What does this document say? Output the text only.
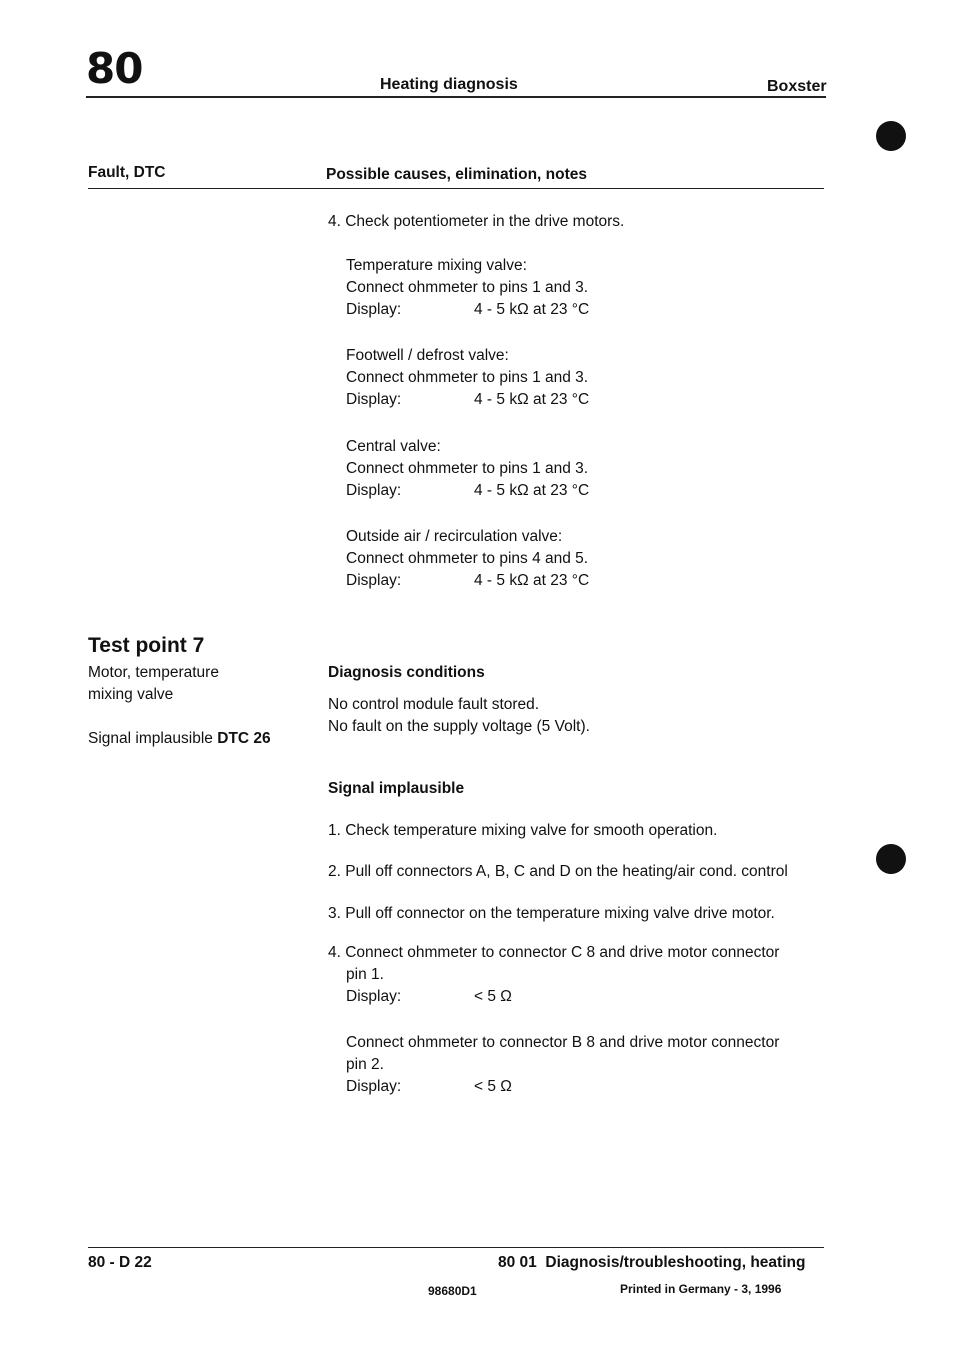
80	Heating diagnosis	Boxster
Fault, DTC	Possible causes, elimination, notes
4. Check potentiometer in the drive motors.
Temperature mixing valve:
Connect ohmmeter to pins 1 and 3.
Display:	4 - 5 kΩ at 23 °C
Footwell / defrost valve:
Connect ohmmeter to pins 1 and 3.
Display:	4 - 5 kΩ at 23 °C
Central valve:
Connect ohmmeter to pins 1 and 3.
Display:	4 - 5 kΩ at 23 °C
Outside air / recirculation valve:
Connect ohmmeter to pins 4 and 5.
Display:	4 - 5 kΩ at 23 °C
Test point 7
Motor, temperature
mixing valve
Signal implausible DTC 26
Diagnosis conditions
No control module fault stored.
No fault on the supply voltage (5 Volt).
Signal implausible
1. Check temperature mixing valve for smooth operation.
2. Pull off connectors A, B, C and D on the heating/air cond. control
3. Pull off connector on the temperature mixing valve drive motor.
4. Connect ohmmeter to connector C 8 and drive motor connector
pin 1.
Display:	< 5 Ω
Connect ohmmeter to connector B 8 and drive motor connector
pin 2.
Display:	< 5 Ω
80 - D 22	80 01  Diagnosis/troubleshooting, heating
98680D1	Printed in Germany - 3, 1996
